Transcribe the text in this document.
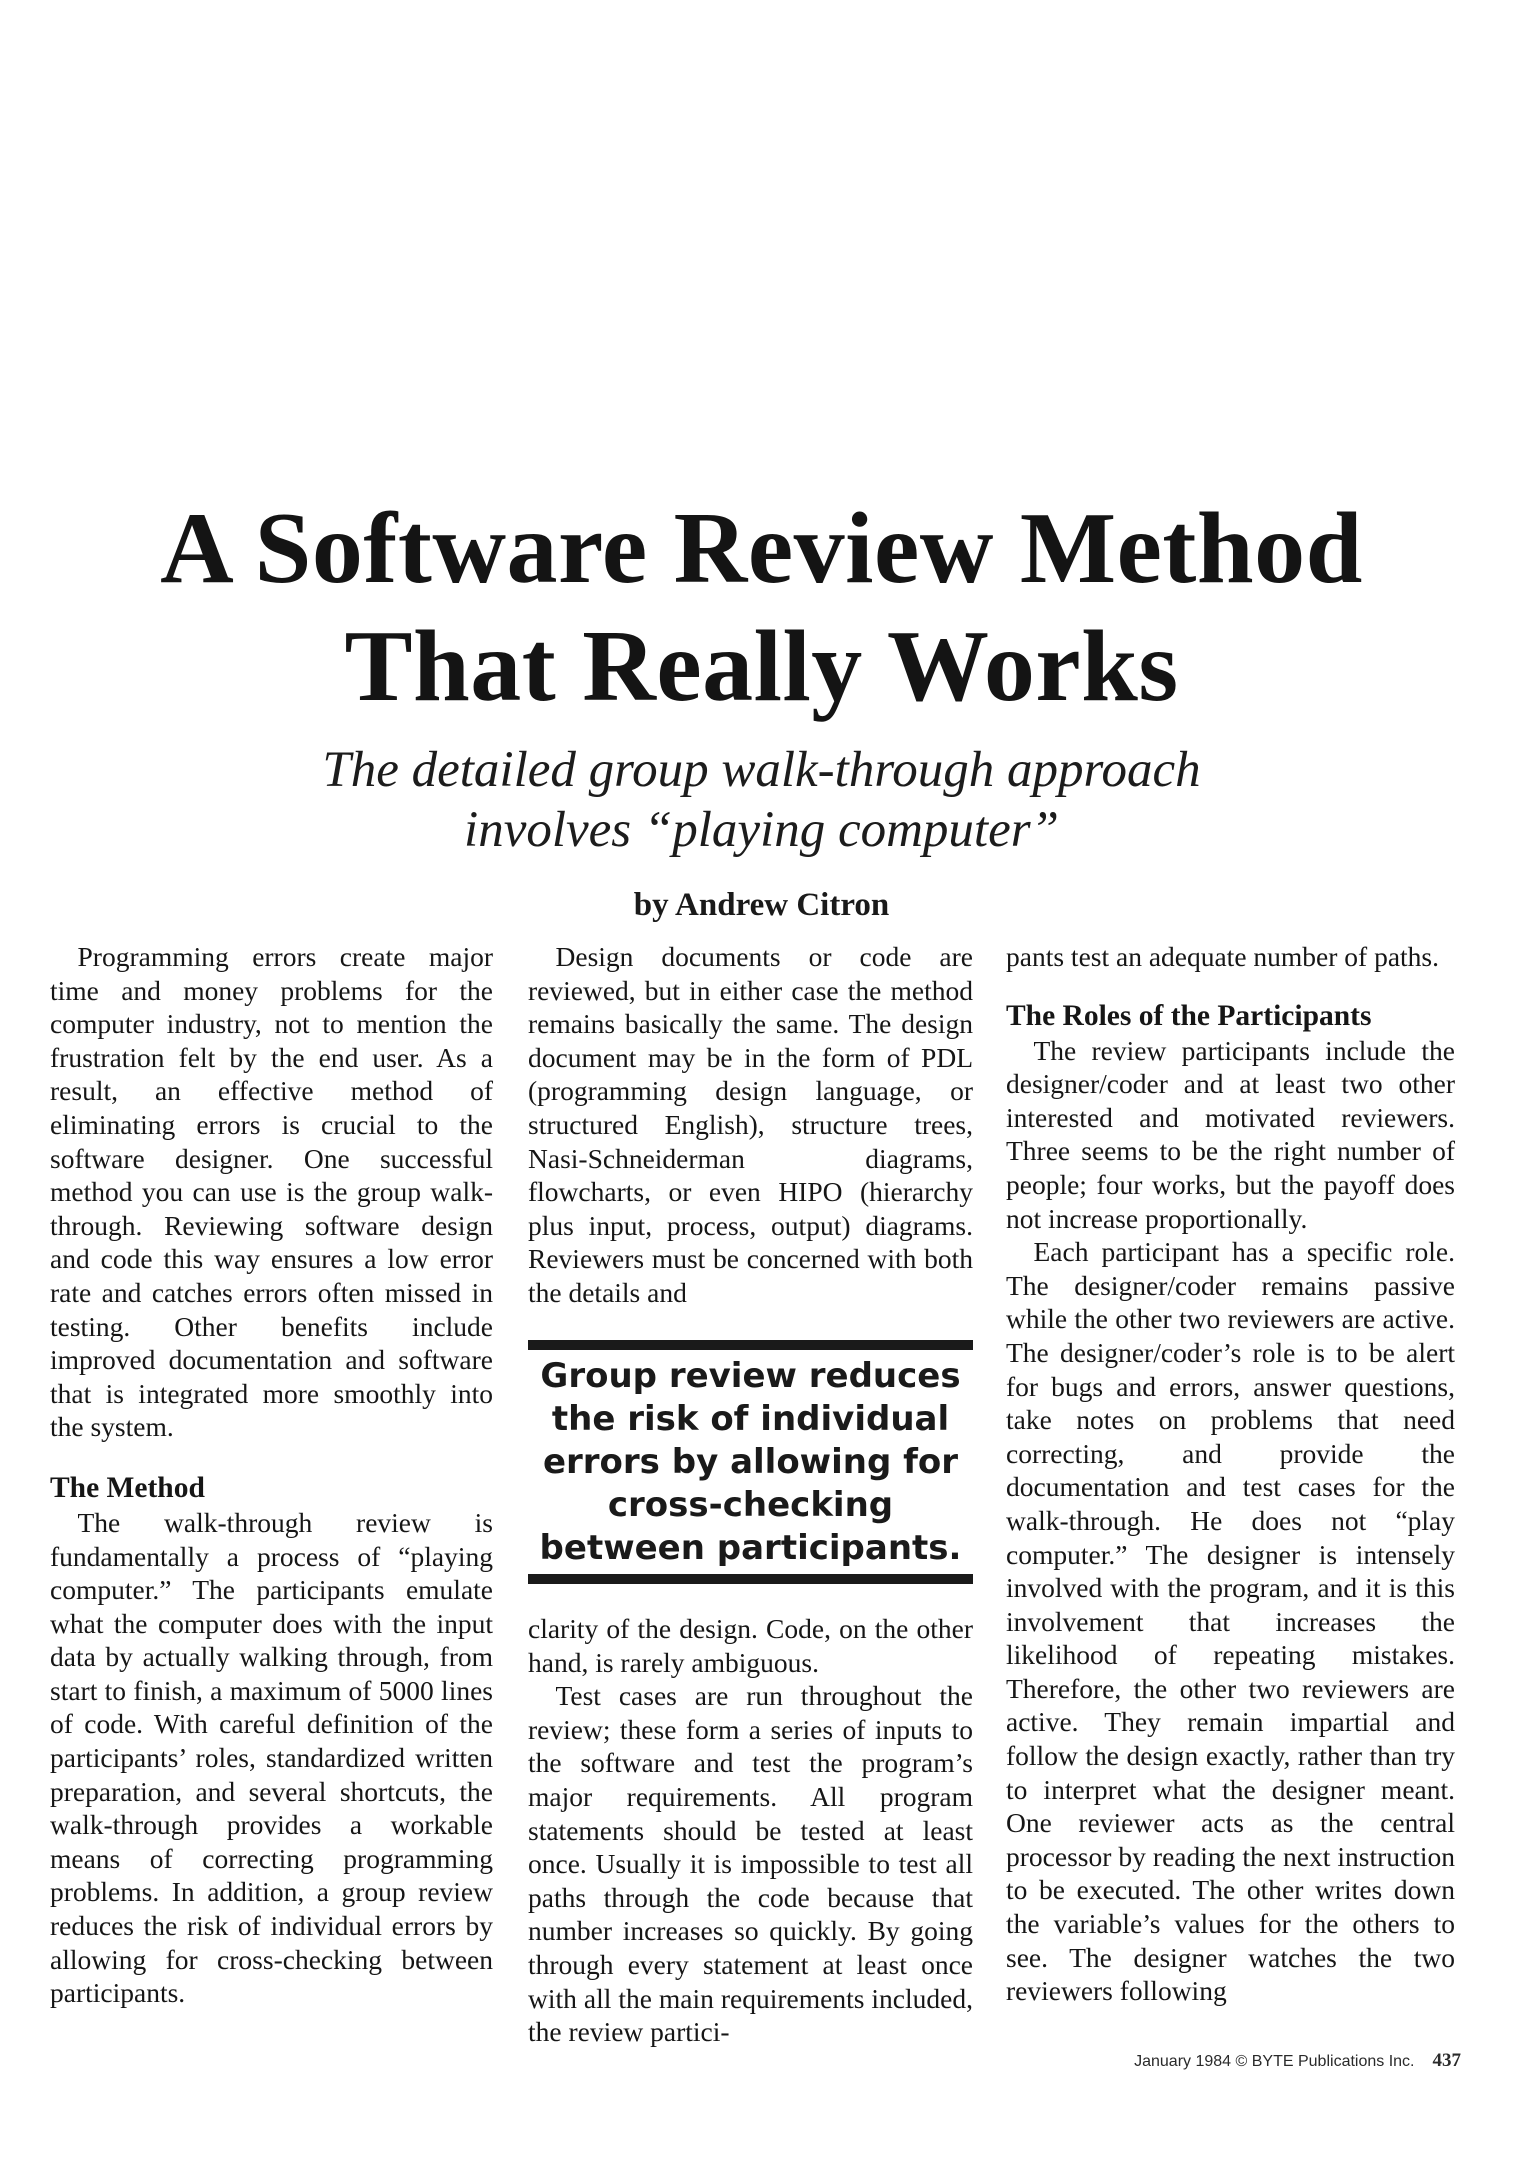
A Software Review Method
That Really Works
The detailed group walk-through approach
involves “playing computer”
by Andrew Citron

Programming errors create major time and money problems for the computer industry, not to mention the frustration felt by the end user. As a result, an effective method of eliminating errors is crucial to the software designer. One successful method you can use is the group walk-through. Reviewing software design and code this way ensures a low error rate and catches errors often missed in testing. Other benefits include improved documentation and software that is integrated more smoothly into the system.

The Method

The walk-through review is fundamentally a process of “playing computer.” The participants emulate what the computer does with the input data by actually walking through, from start to finish, a maximum of 5000 lines of code. With careful definition of the participants’ roles, standardized written preparation, and several shortcuts, the walk-through provides a workable means of correcting programming problems. In addition, a group review reduces the risk of individual errors by allowing for cross-checking between participants.

Design documents or code are reviewed, but in either case the method remains basically the same. The design document may be in the form of PDL (programming design language, or structured English), structure trees, Nasi-Schneiderman diagrams, flowcharts, or even HIPO (hierarchy plus input, process, output) diagrams. Reviewers must be concerned with both the details and

Group review reduces the risk of individual errors by allowing for cross-checking between participants.

clarity of the design. Code, on the other hand, is rarely ambiguous.

Test cases are run throughout the review; these form a series of inputs to the software and test the program’s major requirements. All program statements should be tested at least once. Usually it is impossible to test all paths through the code because that number increases so quickly. By going through every statement at least once with all the main requirements included, the review partici-

pants test an adequate number of paths.

The Roles of the Participants

The review participants include the designer/coder and at least two other interested and motivated reviewers. Three seems to be the right number of people; four works, but the payoff does not increase proportionally.

Each participant has a specific role. The designer/coder remains passive while the other two reviewers are active. The designer/coder’s role is to be alert for bugs and errors, answer questions, take notes on problems that need correcting, and provide the documentation and test cases for the walk-through. He does not “play computer.” The designer is intensely involved with the program, and it is this involvement that increases the likelihood of repeating mistakes. Therefore, the other two reviewers are active. They remain impartial and follow the design exactly, rather than try to interpret what the designer meant. One reviewer acts as the central processor by reading the next instruction to be executed. The other writes down the variable’s values for the others to see. The designer watches the two reviewers following

January 1984 © BYTE Publications Inc. 437
